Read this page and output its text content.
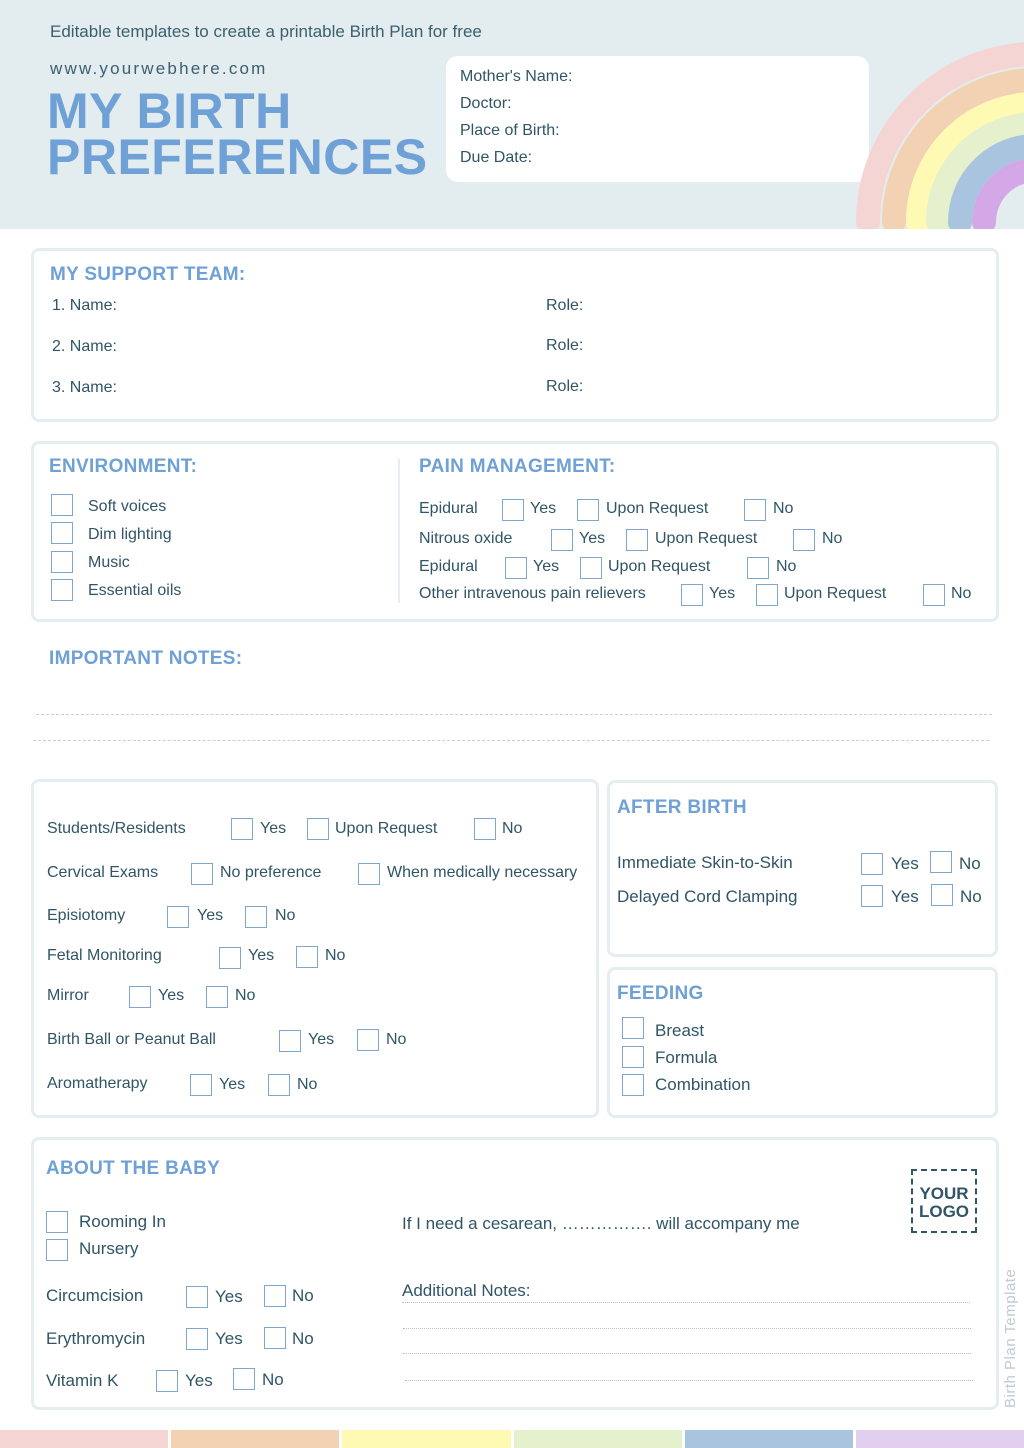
Editable templates to create a printable Birth Plan for free
www.yourwebhere.com
MY BIRTH
PREFERENCES
Mother's Name:
Doctor:
Place of Birth:
Due Date:
MY SUPPORT TEAM:
1. Name:	Role:
2. Name:	Role:
3. Name:	Role:
ENVIRONMENT:
Soft voices
Dim lighting
Music
Essential oils
PAIN MANAGEMENT:
Epidural	Yes	Upon Request	No
Nitrous oxide	Yes	Upon Request	No
Epidural	Yes	Upon Request	No
Other intravenous pain relievers	Yes	Upon Request	No
IMPORTANT NOTES:
Students/Residents	Yes	Upon Request	No
Cervical Exams	No preference	When medically necessary
Episiotomy	Yes	No
Fetal Monitoring	Yes	No
Mirror	Yes	No
Birth Ball or Peanut Ball	Yes	No
Aromatherapy	Yes	No
AFTER BIRTH
Immediate Skin-to-Skin	Yes No
Delayed Cord Clamping	Yes No
FEEDING
Breast
Formula
Combination
ABOUT THE BABY
Rooming In
Nursery
Circumcision	Yes	No
Erythromycin	Yes	No
Vitamin K	Yes	No
If I need a cesarean, ……………. will accompany me
Additional Notes:
YOUR
LOGO
Birth Plan Template
